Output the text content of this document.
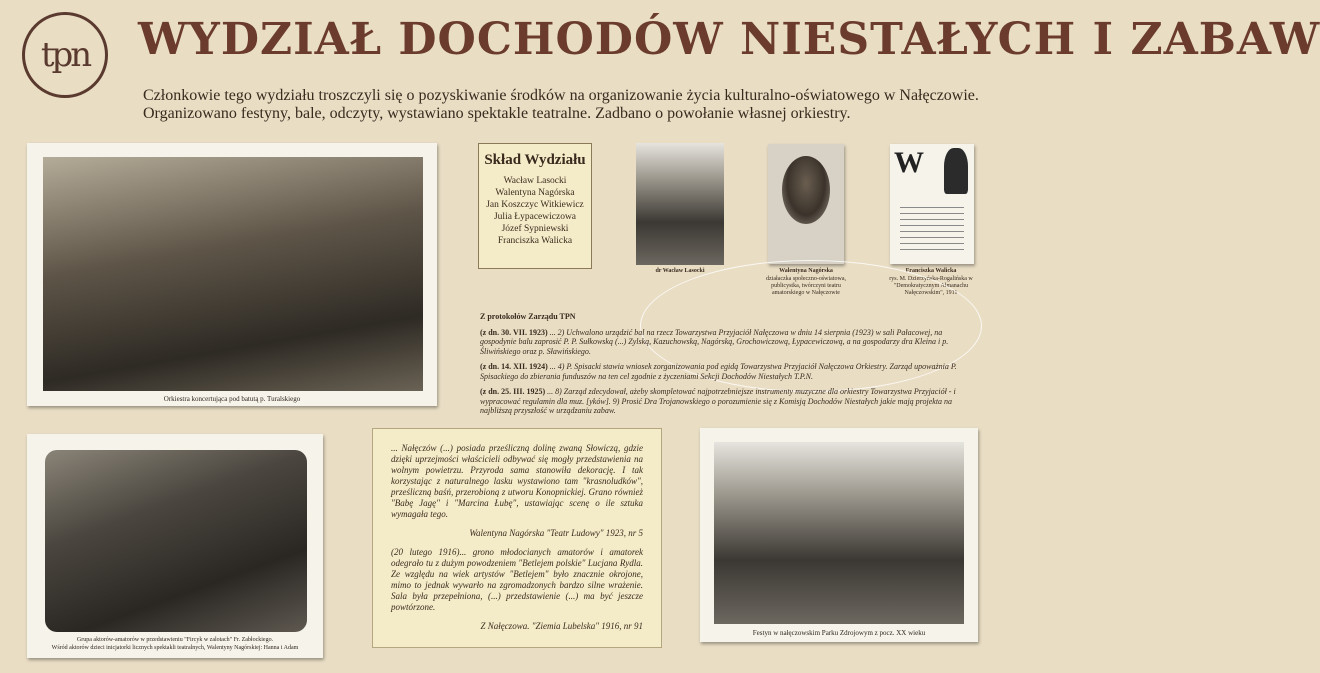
tpn WYDZIAŁ DOCHODÓW NIESTAŁYCH I ZABAW
Członkowie tego wydziału troszczyli się o pozyskiwanie środków na organizowanie życia kulturalno-oświatowego w Nałęczowie.
Organizowano festyny, bale, odczyty, wystawiano spektakle teatralne. Zadbano o powołanie własnej orkiestry.
Orkiestra koncertująca pod batutą p. Turalskiego
Skład Wydziału
Wacław Lasocki
Walentyna Nagórska
Jan Koszczyc Witkiewicz
Julia Łypacewiczowa
Józef Sypniewski
Franciszka Walicka
dr Wacław Lasocki	Walentyna Nagórska
działaczka społeczno-oświatowa, publicystka, twórczyni teatru amatorskiego w Nałęczowie
W
Franciszka Walicka
rys. M. Dzierżyńska-Rogalińska w "Demokratycznym Almanachu Nałęczowskim", 1911

Z protokołów Zarządu TPN

(z dn. 30. VII. 1923) ... 2) Uchwalono urządzić bal na rzecz Towarzystwa Przyjaciół Nałęczowa w dniu 14 sierpnia (1923) w sali Pałacowej, na gospodynie balu zaprosić P. P. Sułkowską (...) Zylską, Kazuchowską, Nagórską, Grochowiczową, Łypacewiczową, a na gospodarzy dra Kleina i p. Śliwińskiego oraz p. Sławińskiego.

(z dn. 14. XII. 1924) ... 4) P. Spisacki stawia wniosek zorganizowania pod egidą Towarzystwa Przyjaciół Nałęczowa Orkiestry. Zarząd upoważnia P. Spisackiego do zbierania funduszów na ten cel zgodnie z życzeniami Sekcji Dochodów Niestałych T.P.N.

(z dn. 25. III. 1925) ... 8) Zarząd zdecydował, ażeby skompletować najpotrzebniejsze instrumenty muzyczne dla orkiestry Towarzystwa Przyjaciół - i wypracować regulamin dla muz. [yków]. 9) Prosić Dra Trojanowskiego o porozumienie się z Komisją Dochodów Niestałych jakie mają projekta na najbliższą przyszłość w urządzaniu zabaw.

Grupa aktorów-amatorów w przedstawieniu "Fircyk w zalotach" Fr. Zabłockiego.
Wśród aktorów dzieci inicjatorki licznych spektakli teatralnych, Walentyny Nagórskiej: Hanna i Adam

... Nałęczów (...) posiada prześliczną dolinę zwaną Słowiczą, gdzie dzięki uprzejmości właścicieli odbywać się mogły przedstawienia na wolnym powietrzu. Przyroda sama stanowiła dekorację. I tak korzystając z naturalnego lasku wystawiono tam "krasnoludków", prześliczną baśń, przerobioną z utworu Konopnickiej. Grano również "Babę Jagę" i "Marcina Łubę", ustawiając scenę o ile sztuka wymagała tego.

Walentyna Nagórska "Teatr Ludowy" 1923, nr 5

(20 lutego 1916)... grono młodocianych amatorów i amatorek odegrało tu z dużym powodzeniem "Betlejem polskie" Lucjana Rydla. Ze względu na wiek artystów "Betlejem" było znacznie okrojone, mimo to jednak wywarło na zgromadzonych bardzo silne wrażenie. Sala była przepełniona, (...) przedstawienie (...) ma być jeszcze powtórzone.

Z Nałęczowa. "Ziemia Lubelska" 1916, nr 91

Festyn w nałęczowskim Parku Zdrojowym z pocz. XX wieku
